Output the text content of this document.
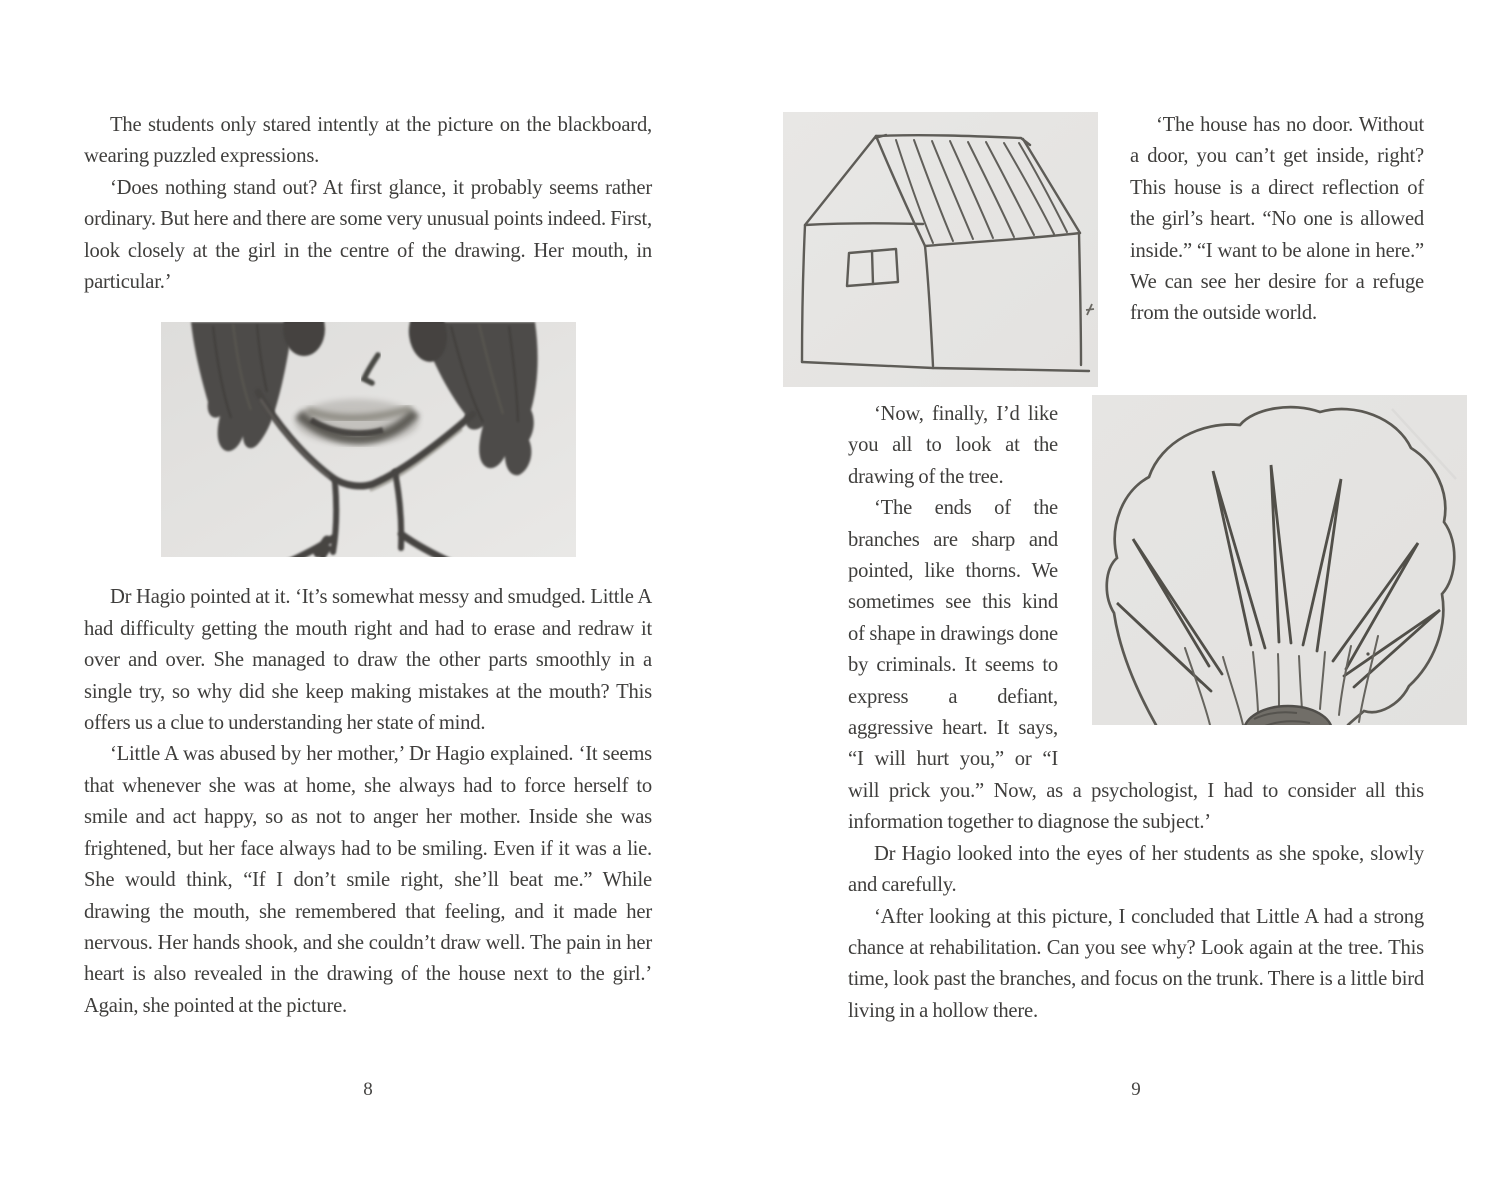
The students only stared intently at the picture on the blackboard, wearing puzzled expressions.

‘Does nothing stand out? At first glance, it probably seems rather ordinary. But here and there are some very unusual points indeed. First, look closely at the girl in the centre of the drawing. Her mouth, in particular.’

Dr Hagio pointed at it. ‘It’s somewhat messy and smudged. Little A had difficulty getting the mouth right and had to erase and redraw it over and over. She managed to draw the other parts smoothly in a single try, so why did she keep making mistakes at the mouth? This offers us a clue to understanding her state of mind.

‘Little A was abused by her mother,’ Dr Hagio explained. ‘It seems that whenever she was at home, she always had to force herself to smile and act happy, so as not to anger her mother. Inside she was frightened, but her face always had to be smiling. Even if it was a lie. She would think, “If I don’t smile right, she’ll beat me.” While drawing the mouth, she remembered that feeling, and it made her nervous. Her hands shook, and she couldn’t draw well. The pain in her heart is also revealed in the drawing of the house next to the girl.’ Again, she pointed at the picture.

8

‘The house has no door. Without a door, you can’t get inside, right? This house is a direct reflection of the girl’s heart. “No one is allowed inside.” “I want to be alone in here.” We can see her desire for a refuge from the outside world.

‘Now, finally, I’d like you all to look at the drawing of the tree.

‘The ends of the branches are sharp and pointed, like thorns. We sometimes see this kind of shape in drawings done by criminals. It seems to express a defiant, aggressive heart. It says, “I will hurt you,” or “I will prick you.” Now, as a psychologist, I had to consider all this information together to diagnose the subject.’

Dr Hagio looked into the eyes of her students as she spoke, slowly and carefully.

‘After looking at this picture, I concluded that Little A had a strong chance at rehabilitation. Can you see why? Look again at the tree. This time, look past the branches, and focus on the trunk. There is a little bird living in a hollow there.

9
